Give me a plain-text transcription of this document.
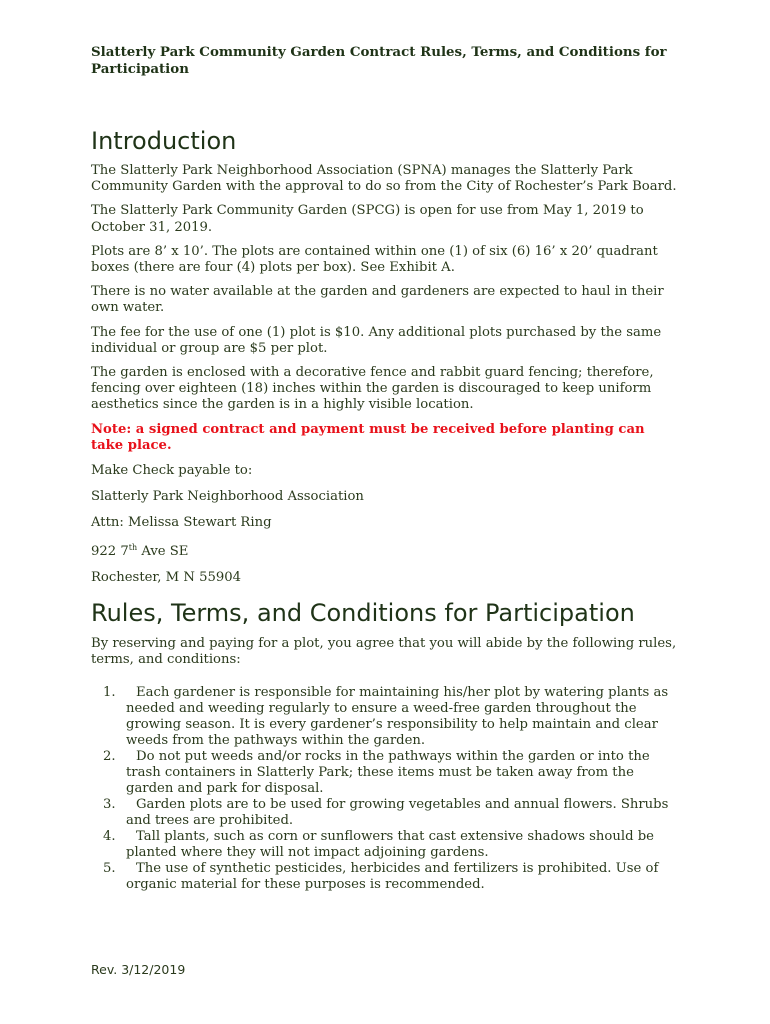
Slatterly Park Community Garden Contract Rules, Terms, and Conditions for Participation

Introduction

The Slatterly Park Neighborhood Association (SPNA) manages the Slatterly Park Community Garden with the approval to do so from the City of Rochester’s Park Board.

The Slatterly Park Community Garden (SPCG) is open for use from May 1, 2019 to October 31, 2019.

Plots are 8’ x 10’. The plots are contained within one (1) of six (6) 16’ x 20’ quadrant boxes (there are four (4) plots per box). See Exhibit A.

There is no water available at the garden and gardeners are expected to haul in their own water.

The fee for the use of one (1) plot is $10. Any additional plots purchased by the same individual or group are $5 per plot.

The garden is enclosed with a decorative fence and rabbit guard fencing; therefore, fencing over eighteen (18) inches within the garden is discouraged to keep uniform aesthetics since the garden is in a highly visible location.

Note: a signed contract and payment must be received before planting can take place.

Make Check payable to:

Slatterly Park Neighborhood Association

Attn: Melissa Stewart Ring

922 7th Ave SE

Rochester, M N 55904

Rules, Terms, and Conditions for Participation

By reserving and paying for a plot, you agree that you will abide by the following rules, terms, and conditions:

1.	Each gardener is responsible for maintaining his/her plot by watering plants as needed and weeding regularly to ensure a weed-free garden throughout the growing season. It is every gardener’s responsibility to help maintain and clear weeds from the pathways within the garden.
2.	Do not put weeds and/or rocks in the pathways within the garden or into the trash containers in Slatterly Park; these items must be taken away from the garden and park for disposal.
3.	Garden plots are to be used for growing vegetables and annual flowers. Shrubs and trees are prohibited.
4.	Tall plants, such as corn or sunflowers that cast extensive shadows should be planted where they will not impact adjoining gardens.
5.	The use of synthetic pesticides, herbicides and fertilizers is prohibited. Use of organic material for these purposes is recommended.
Rev. 3/12/2019
